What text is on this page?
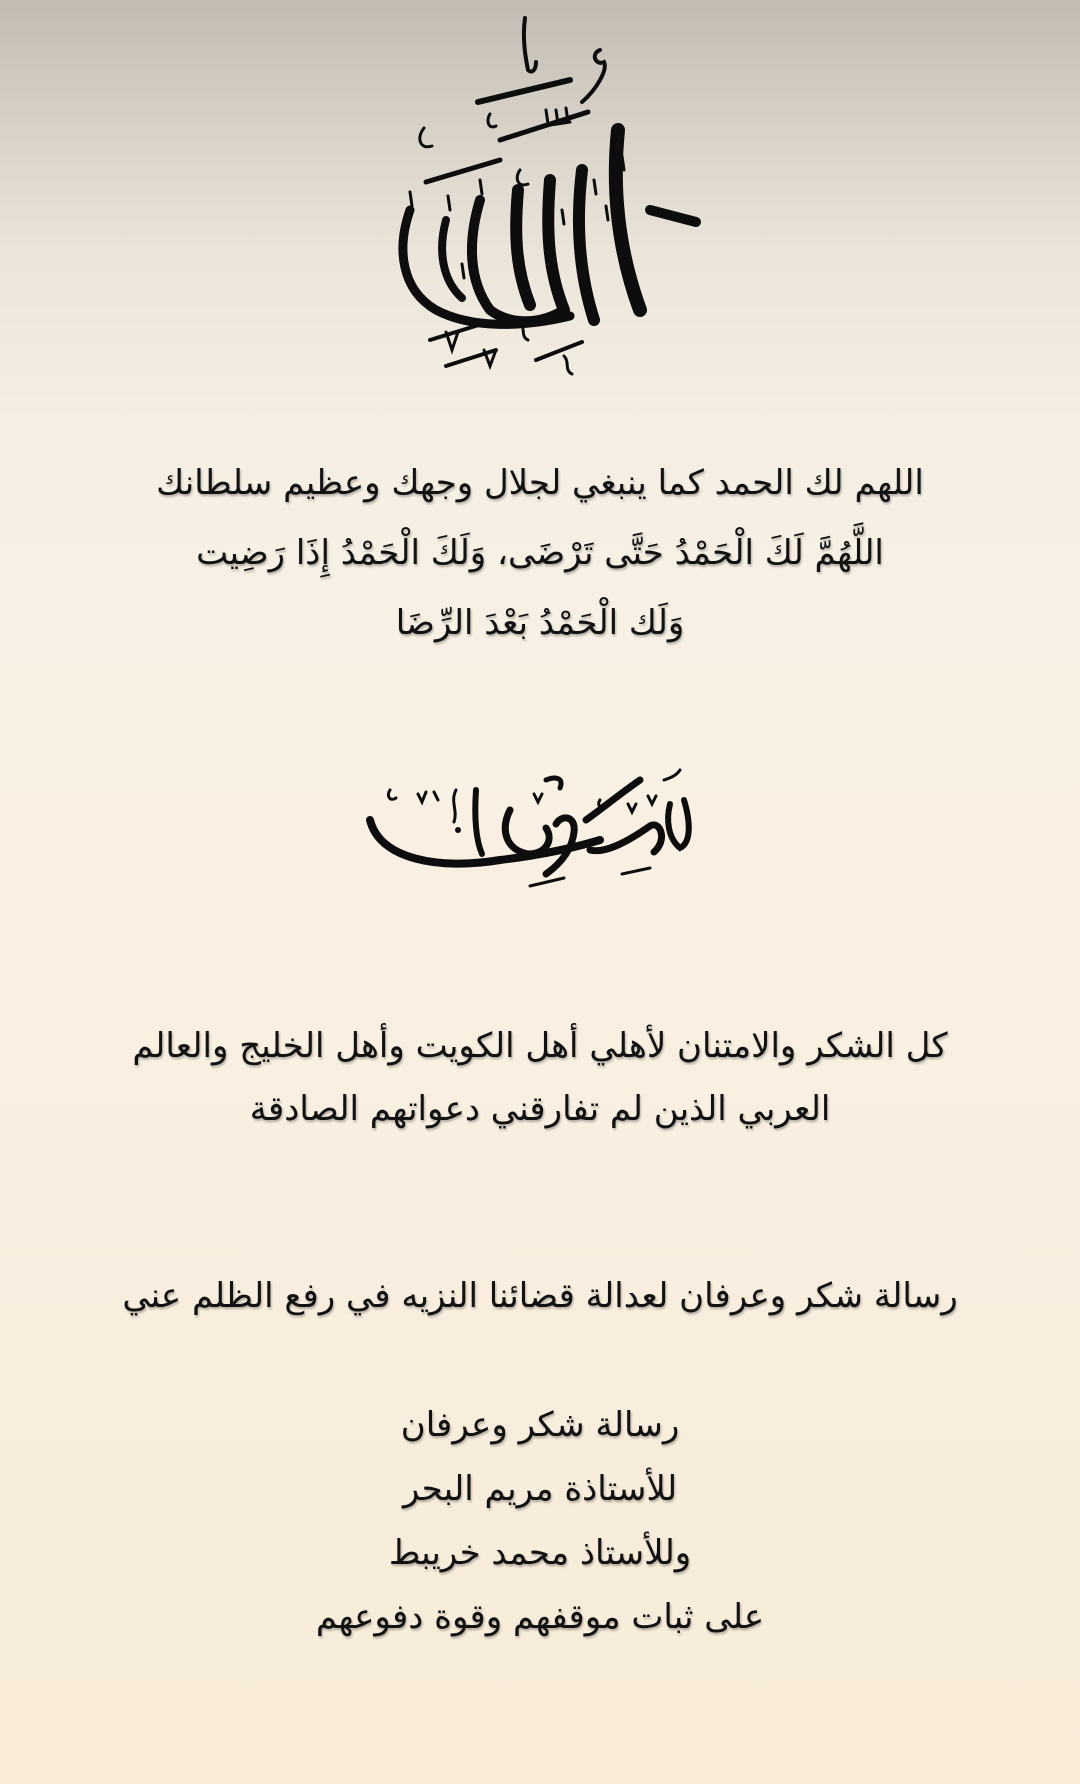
اللهم لك الحمد كما ينبغي لجلال وجهك وعظيم سلطانك
اللَّهُمَّ لَكَ الْحَمْدُ حَتَّى تَرْضَى، وَلَكَ الْحَمْدُ إِذَا رَضِيت
وَلَك الْحَمْدُ بَعْدَ الرِّضَا
كل الشكر والامتنان لأهلي أهل الكويت وأهل الخليج والعالم
العربي الذين لم تفارقني دعواتهم الصادقة
رسالة شكر وعرفان لعدالة قضائنا النزيه في رفع الظلم عني
رسالة شكر وعرفان
للأستاذة مريم البحر
وللأستاذ محمد خريبط
على ثبات موقفهم وقوة دفوعهم
